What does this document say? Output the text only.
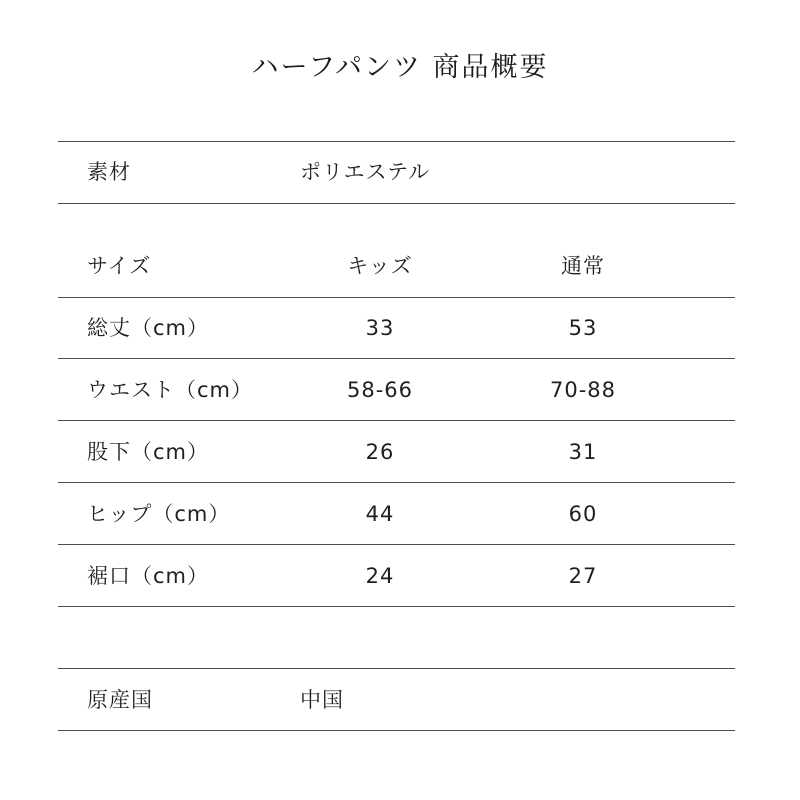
ハーフパンツ 商品概要
素材	ポリエステル
サイズ	キッズ	通常
総丈（cm）	33	53
ウエスト（cm）	58-66	70-88
股下（cm）	26	31
ヒップ（cm）	44	60
裾口（cm）	24	27
原産国	中国
